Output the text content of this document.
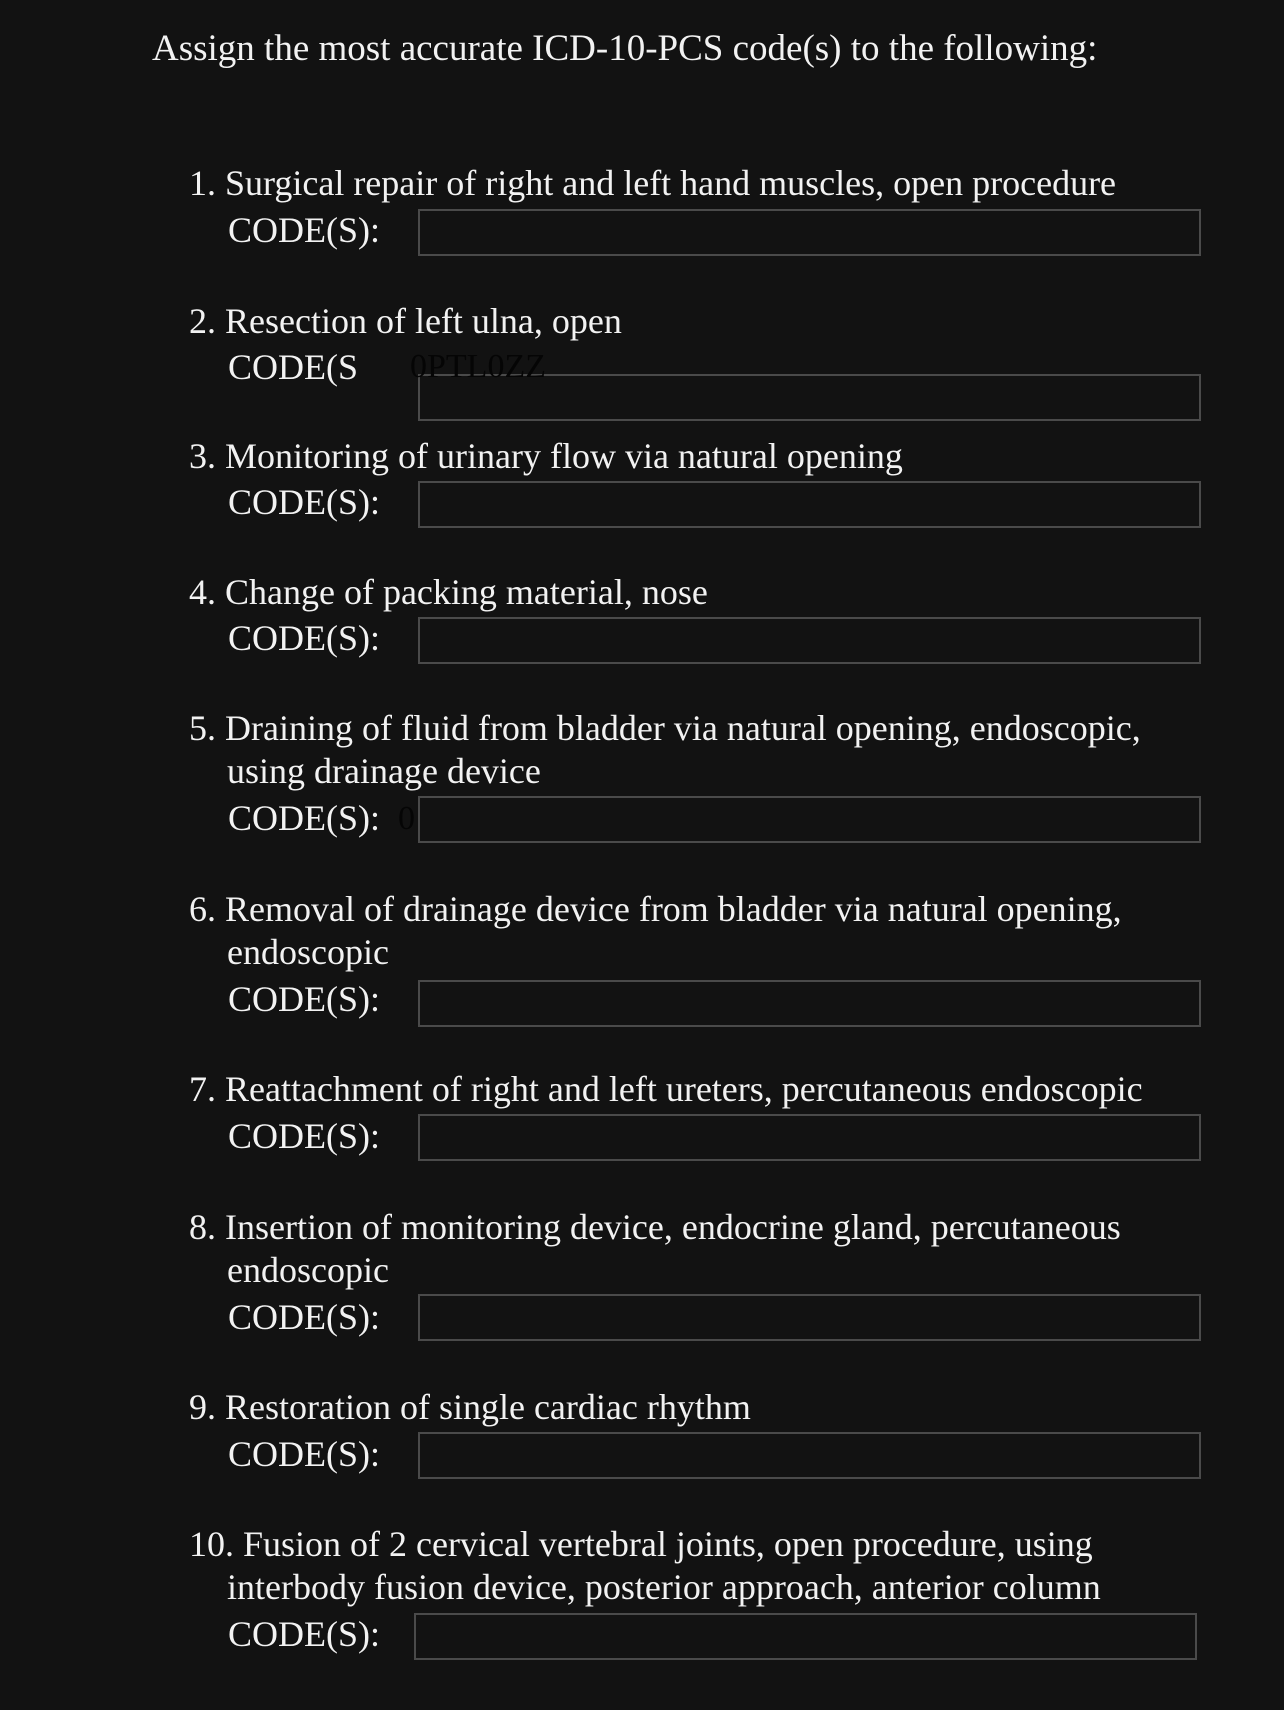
Assign the most accurate ICD-10-PCS code(s) to the following:
1. Surgical repair of right and left hand muscles, open procedure
CODE(S):
2. Resection of left ulna, open
CODE(S 0PTL0ZZ
3. Monitoring of urinary flow via natural opening
CODE(S):
4. Change of packing material, nose
CODE(S):
5. Draining of fluid from bladder via natural opening, endoscopic,
using drainage device
CODE(S): 0
6. Removal of drainage device from bladder via natural opening,
endoscopic
CODE(S):
7. Reattachment of right and left ureters, percutaneous endoscopic
CODE(S):
8. Insertion of monitoring device, endocrine gland, percutaneous
endoscopic
CODE(S):
9. Restoration of single cardiac rhythm
CODE(S):
10. Fusion of 2 cervical vertebral joints, open procedure, using
interbody fusion device, posterior approach, anterior column
CODE(S):
